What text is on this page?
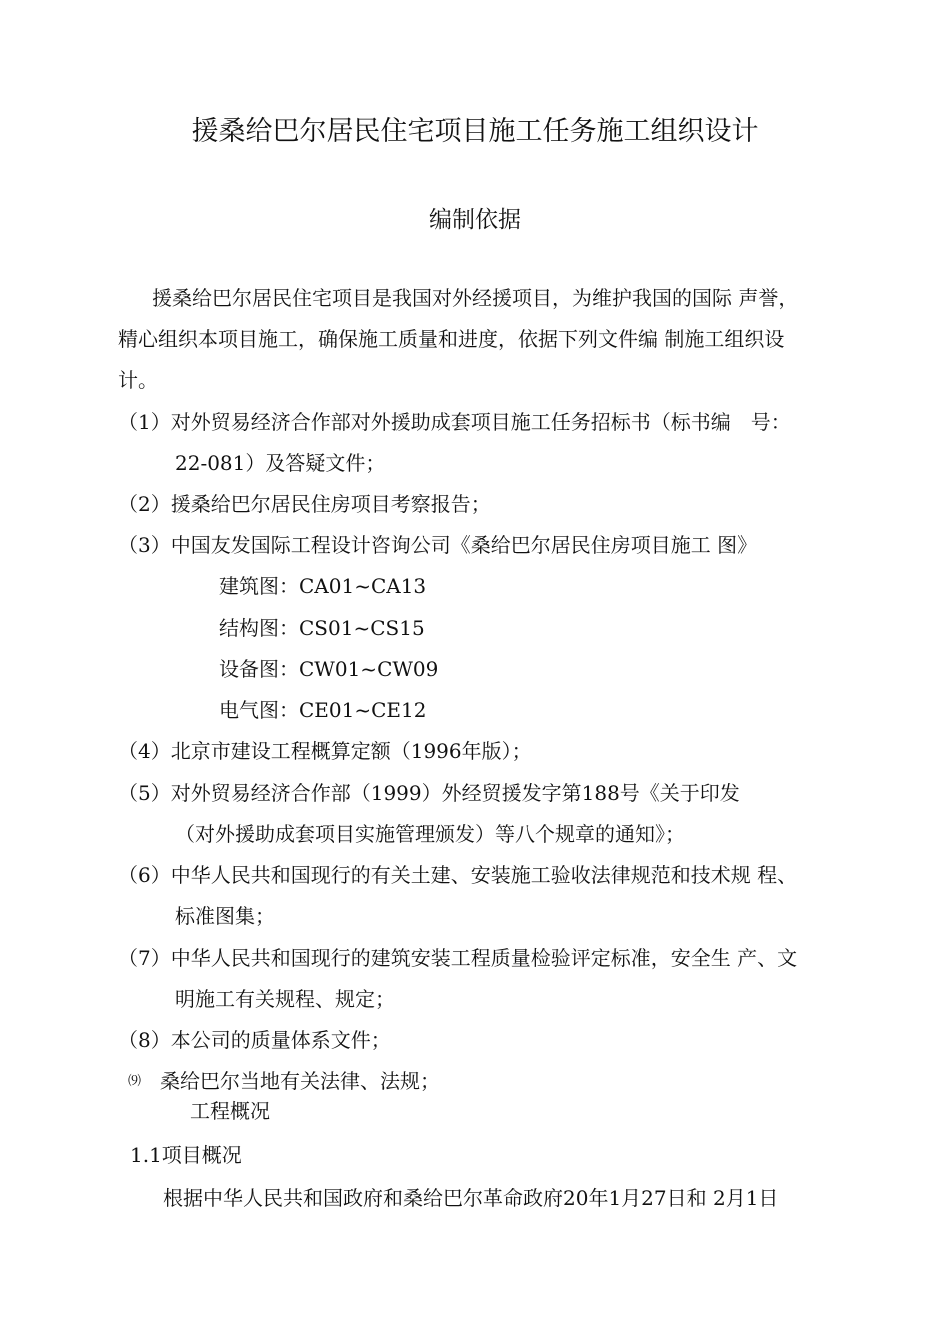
援桑给巴尔居民住宅项目施工任务施工组织设计
编制依据
援桑给巴尔居民住宅项目是我国对外经援项目，为维护我国的国际 声誉，
精心组织本项目施工，确保施工质量和进度，依据下列文件编 制施工组织设
计。
（1）对外贸易经济合作部对外援助成套项目施工任务招标书（标书编　号：
22-081）及答疑文件；
（2）援桑给巴尔居民住房项目考察报告；
（3）中国友发国际工程设计咨询公司《桑给巴尔居民住房项目施工 图》
建筑图：CA01~CA13
结构图：CS01~CS15
设备图：CW01~CW09
电气图：CE01~CE12
（4）北京市建设工程概算定额（1996年版）；
（5）对外贸易经济合作部（1999）外经贸援发字第188号《关于印发
（对外援助成套项目实施管理颁发）等八个规章的通知》；
（6）中华人民共和国现行的有关土建、安装施工验收法律规范和技术规 程、
标准图集；
（7）中华人民共和国现行的建筑安装工程质量检验评定标准，安全生 产、文
明施工有关规程、规定；
（8）本公司的质量体系文件；
⑼ 桑给巴尔当地有关法律、法规；
工程概况
1.1项目概况
根据中华人民共和国政府和桑给巴尔革命政府20年1月27日和 2月1日
